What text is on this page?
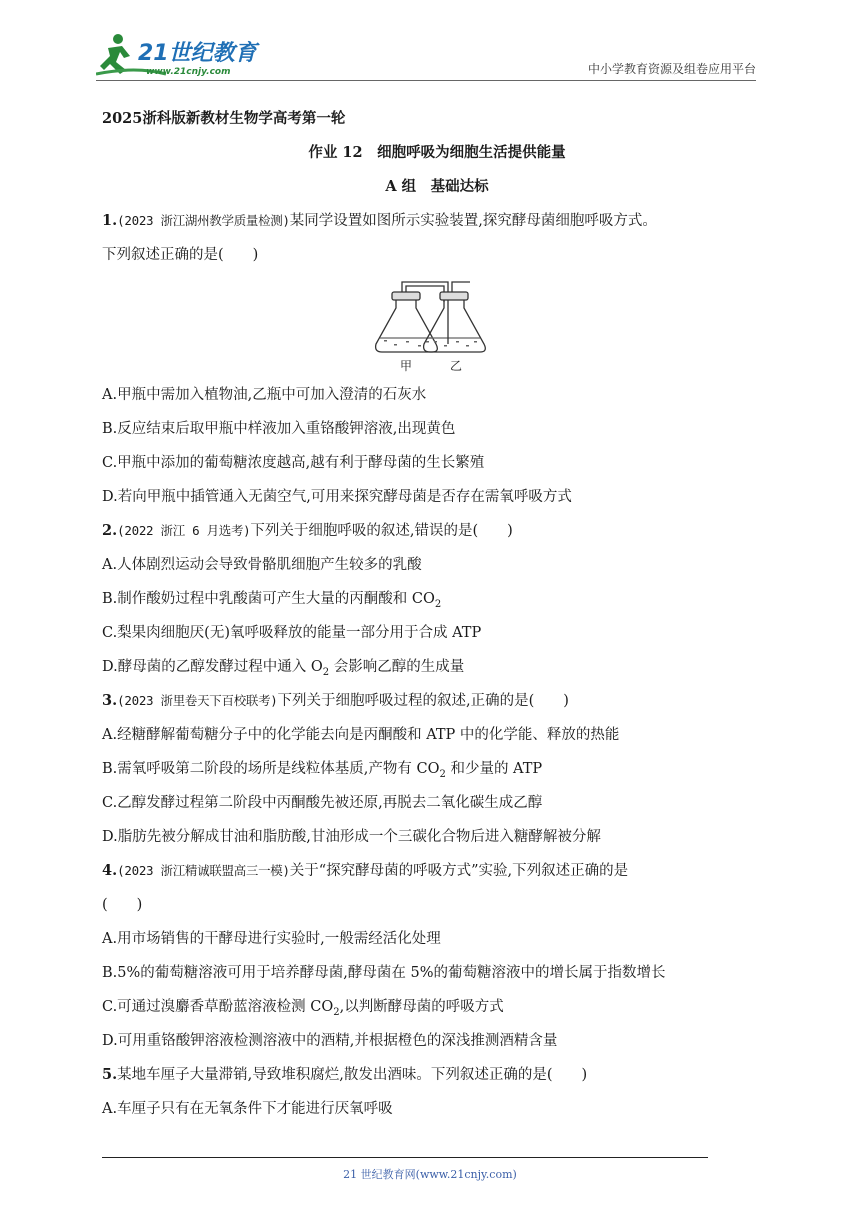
21世纪教育
www.21cnjy.com	中小学教育资源及组卷应用平台
2025浙科版新教材生物学高考第一轮
作业 12　细胞呼吸为细胞生活提供能量
A 组　基础达标
1.(2023 浙江湖州教学质量检测)某同学设置如图所示实验装置,探究酵母菌细胞呼吸方式。
下列叙述正确的是(　　)
甲	乙
A.甲瓶中需加入植物油,乙瓶中可加入澄清的石灰水
B.反应结束后取甲瓶中样液加入重铬酸钾溶液,出现黄色
C.甲瓶中添加的葡萄糖浓度越高,越有利于酵母菌的生长繁殖
D.若向甲瓶中插管通入无菌空气,可用来探究酵母菌是否存在需氧呼吸方式
2.(2022 浙江 6 月选考)下列关于细胞呼吸的叙述,错误的是(　　)
A.人体剧烈运动会导致骨骼肌细胞产生较多的乳酸
B.制作酸奶过程中乳酸菌可产生大量的丙酮酸和 $CO_2$
C.梨果肉细胞厌(无)氧呼吸释放的能量一部分用于合成 ATP
D.酵母菌的乙醇发酵过程中通入 $O_2$ 会影响乙醇的生成量
3.(2023 浙里卷天下百校联考)下列关于细胞呼吸过程的叙述,正确的是(　　)
A.经糖酵解葡萄糖分子中的化学能去向是丙酮酸和 ATP 中的化学能、释放的热能
B.需氧呼吸第二阶段的场所是线粒体基质,产物有 $CO_2$ 和少量的 ATP
C.乙醇发酵过程第二阶段中丙酮酸先被还原,再脱去二氧化碳生成乙醇
D.脂肪先被分解成甘油和脂肪酸,甘油形成一个三碳化合物后进入糖酵解被分解
4.(2023 浙江精诚联盟高三一模)关于“探究酵母菌的呼吸方式”实验,下列叙述正确的是
(　　)
A.用市场销售的干酵母进行实验时,一般需经活化处理
B.5%的葡萄糖溶液可用于培养酵母菌,酵母菌在 5%的葡萄糖溶液中的增长属于指数增长
C.可通过溴麝香草酚蓝溶液检测 $CO_2$,以判断酵母菌的呼吸方式
D.可用重铬酸钾溶液检测溶液中的酒精,并根据橙色的深浅推测酒精含量
5.某地车厘子大量滞销,导致堆积腐烂,散发出酒味。下列叙述正确的是(　　)
A.车厘子只有在无氧条件下才能进行厌氧呼吸
21 世纪教育网(www.21cnjy.com)
